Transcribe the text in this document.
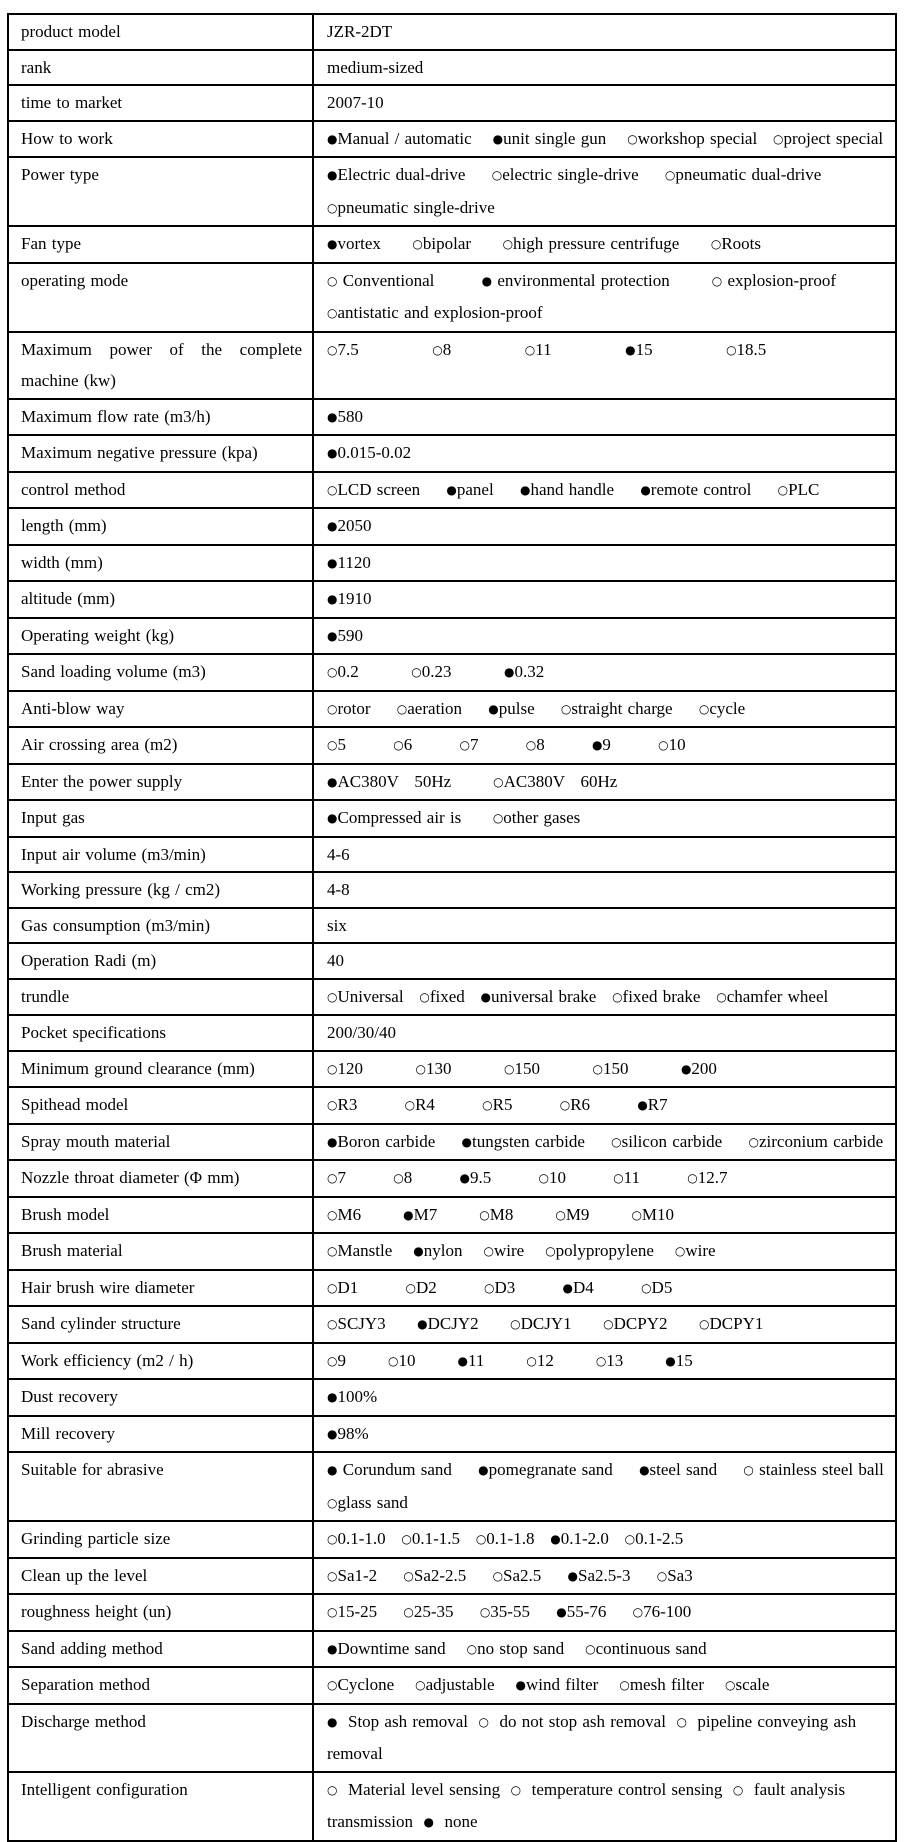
product model	JZR-2DT
rank	medium-sized
time to market	2007-10
How to work	●Manual / automatic    ●unit single gun    ○workshop special   ○project special
Power type	●Electric dual-drive     ○electric single-drive     ○pneumatic dual-drive  ○pneumatic single-drive
Fan type	●vortex      ○bipolar      ○high pressure centrifuge      ○Roots
operating mode	○ Conventional         ● environmental protection        ○ explosion-proof  ○antistatic and explosion-proof
Maximum power of the complete machine (kw)	○7.5              ○8              ○11              ●15              ○18.5
Maximum flow rate (m3/h)	●580
Maximum negative pressure (kpa)	●0.015-0.02
control method	○LCD screen     ●panel     ●hand handle     ●remote control     ○PLC
length (mm)	●2050
width (mm)	●1120
altitude (mm)	●1910
Operating weight (kg)	●590
Sand loading volume (m3)	○0.2          ○0.23          ●0.32
Anti-blow way	○rotor     ○aeration     ●pulse     ○straight charge     ○cycle
Air crossing area (m2)	○5         ○6         ○7         ○8         ●9         ○10
Enter the power supply	●AC380V   50Hz        ○AC380V   60Hz
Input gas	●Compressed air is      ○other gases
Input air volume (m3/min)	4-6
Working pressure (kg / cm2)	4-8
Gas consumption (m3/min)	six
Operation Radi (m)	40
trundle	○Universal   ○fixed   ●universal brake   ○fixed brake   ○chamfer wheel
Pocket specifications	200/30/40
Minimum ground clearance (mm)	○120          ○130          ○150          ○150          ●200
Spithead model	○R3         ○R4         ○R5         ○R6         ●R7
Spray mouth material	●Boron carbide     ●tungsten carbide     ○silicon carbide     ○zirconium carbide
Nozzle throat diameter (Φ mm)	○7         ○8         ●9.5         ○10         ○11         ○12.7
Brush model	○M6        ●M7        ○M8        ○M9        ○M10
Brush material	○Manstle    ●nylon    ○wire    ○polypropylene    ○wire
Hair brush wire diameter	○D1         ○D2         ○D3         ●D4         ○D5
Sand cylinder structure	○SCJY3      ●DCJY2      ○DCJY1      ○DCPY2      ○DCPY1
Work efficiency (m2 / h)	○9        ○10        ●11        ○12        ○13        ●15
Dust recovery	●100%
Mill recovery	●98%
Suitable for abrasive	● Corundum sand     ●pomegranate sand     ●steel sand     ○ stainless steel ball  ○glass sand
Grinding particle size	○0.1-1.0   ○0.1-1.5   ○0.1-1.8   ●0.1-2.0   ○0.1-2.5
Clean up the level	○Sa1-2     ○Sa2-2.5     ○Sa2.5     ●Sa2.5-3     ○Sa3
roughness height (un)	○15-25     ○25-35     ○35-55     ●55-76     ○76-100
Sand adding method	●Downtime sand    ○no stop sand    ○continuous sand
Separation method	○Cyclone    ○adjustable    ●wind filter    ○mesh filter    ○scale
Discharge method	●  Stop ash removal  ○  do not stop ash removal  ○  pipeline conveying ash removal
Intelligent configuration	○  Material level sensing  ○  temperature control sensing  ○  fault analysis transmission  ●  none
